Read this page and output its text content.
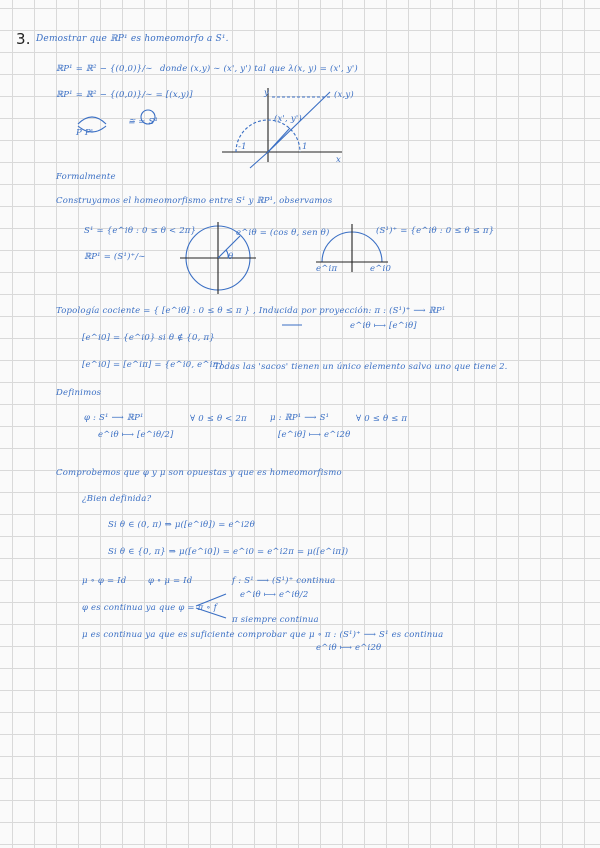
3. Demostrar que ℝP¹ es homeomorfo a S¹.
ℝP¹ = ℝ² − {(0,0)}/∼ donde (x,y) ∼ (x', y') tal que λ(x, y) = (x', y')
ℝP¹ = ℝ² − {(0,0)}/∼ = [(x,y)]
≅ = S¹
y
x
(x,y)
(x', y')
-1	1
P P'
Formalmente
Construyamos el homeomorfismo entre S¹ y ℝP¹, observamos
S¹ = {e^iθ : 0 ≤ θ < 2π}
ℝP¹ = (S¹)⁺/∼
e^iθ = (cos θ, sen θ)
θ
(S¹)⁺ = {e^iθ : 0 ≤ θ ≤ π}
e^iπ	e^i0
Topología cociente = { [e^iθ] : 0 ≤ θ ≤ π } , Inducida por proyección: π : (S¹)⁺ ⟶ ℝP¹
e^iθ ⟼ [e^iθ]
[e^i0] = {e^i0} si θ ∉ {0, π}
[e^i0] = [e^iπ] = {e^i0, e^iπ}
Todas las 'sacos' tienen un único elemento salvo uno que tiene 2.
Definimos
φ : S¹ ⟶ ℝP¹
e^iθ ⟼ [e^iθ/2]
∀ 0 ≤ θ < 2π	μ : ℝP¹ ⟶ S¹
[e^iθ] ⟼ e^i2θ
∀ 0 ≤ θ ≤ π
Comprobemos que φ y μ son opuestas y que es homeomorfismo
¿Bien definida?
Si θ ∈ (0, π) ⇒ μ([e^iθ]) = e^i2θ
Si θ ∈ {0, π} ⇒ μ([e^i0]) = e^i0 = e^i2π = μ([e^iπ])
μ ∘ φ = Id	φ ∘ μ = Id	f : S¹ ⟶ (S¹)⁺ continua
e^iθ ⟼ e^iθ/2
φ es continua ya que φ = π ∘ f
π siempre continua
μ es continua ya que es suficiente comprobar que μ ∘ π : (S¹)⁺ ⟶ S¹ es continua
e^iθ ⟼ e^i2θ
